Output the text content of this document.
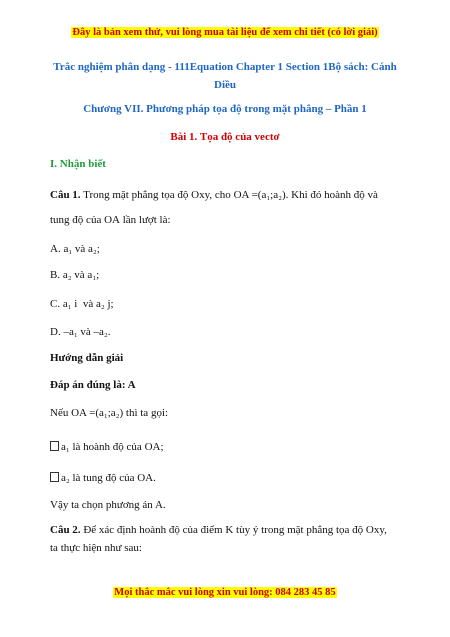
Đây là bản xem thử, vui lòng mua tài liệu để xem chi tiết (có lời giải)
Trắc nghiệm phân dạng - 111Equation Chapter 1 Section 1Bộ sách: Cánh
Diều
Chương VII. Phương pháp tọa độ trong mặt phẳng – Phần 1
Bài 1. Tọa độ của vectơ
I. Nhận biết
Câu 1. Trong mặt phẳng tọa độ Oxy, cho OA =(a₁;a₂). Khi đó hoành độ và
tung độ của OA lần lượt là:
A. a₁ và a₂;
B. a₂ và a₁;
C. a₁ i và a₂ j;
D. –a₁ và –a₂.
Hướng dẫn giải
Đáp án đúng là: A
Nếu OA =(a₁;a₂) thì ta gọi:
a₁ là hoành độ của OA;
a₂ là tung độ của OA.
Vậy ta chọn phương án A.
Câu 2. Để xác định hoành độ của điểm K tùy ý trong mặt phẳng tọa độ Oxy,
ta thực hiện như sau:
Mọi thắc mắc vui lòng xin vui lòng: 084 283 45 85
